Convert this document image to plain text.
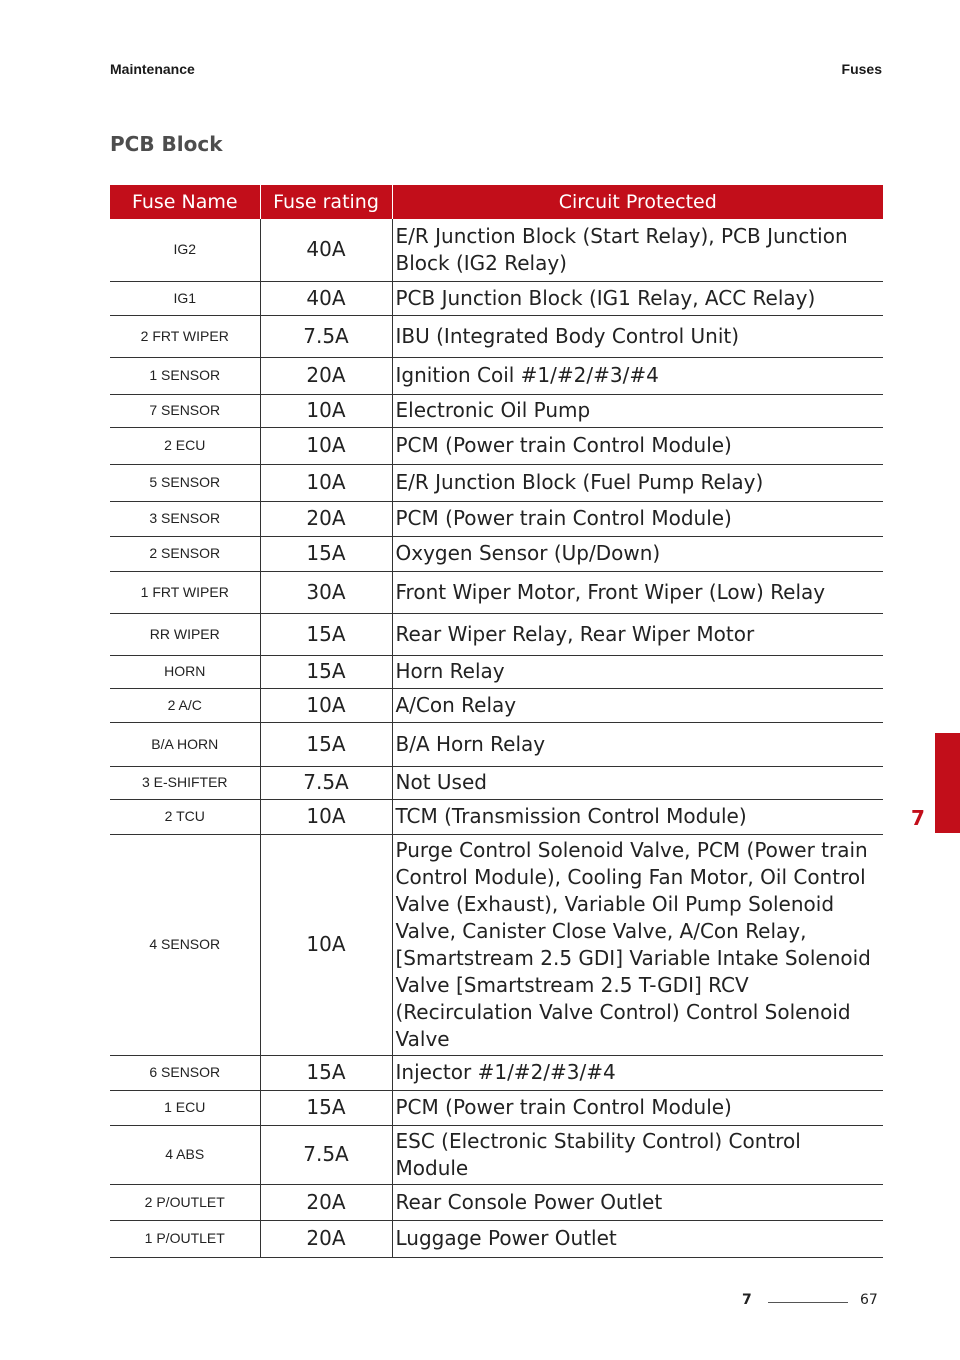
Maintenance	Fuses
PCB Block
Fuse Name	Fuse rating	Circuit Protected
IG2	40A	E/R Junction Block (Start Relay), PCB Junction Block (IG2 Relay)
IG1	40A	PCB Junction Block (IG1 Relay, ACC Relay)
2 FRT WIPER	7.5A	IBU (Integrated Body Control Unit)
1 SENSOR	20A	Ignition Coil #1/#2/#3/#4
7 SENSOR	10A	Electronic Oil Pump
2 ECU	10A	PCM (Power train Control Module)
5 SENSOR	10A	E/R Junction Block (Fuel Pump Relay)
3 SENSOR	20A	PCM (Power train Control Module)
2 SENSOR	15A	Oxygen Sensor (Up/Down)
1 FRT WIPER	30A	Front Wiper Motor, Front Wiper (Low) Relay
RR WIPER	15A	Rear Wiper Relay, Rear Wiper Motor
HORN	15A	Horn Relay
2 A/C	10A	A/Con Relay
B/A HORN	15A	B/A Horn Relay
3 E-SHIFTER	7.5A	Not Used
2 TCU	10A	TCM (Transmission Control Module)
4 SENSOR	10A	Purge Control Solenoid Valve, PCM (Power train Control Module), Cooling Fan Motor, Oil Control Valve (Exhaust), Variable Oil Pump Solenoid Valve, Canister Close Valve, A/Con Relay, [Smartstream 2.5 GDI] Variable Intake Solenoid Valve [Smartstream 2.5 T-GDI] RCV (Recirculation Valve Control) Control Solenoid Valve
6 SENSOR	15A	Injector #1/#2/#3/#4
1 ECU	15A	PCM (Power train Control Module)
4 ABS	7.5A	ESC (Electronic Stability Control) Control Module
2 P/OUTLET	20A	Rear Console Power Outlet
1 P/OUTLET	20A	Luggage Power Outlet
7
7	67
